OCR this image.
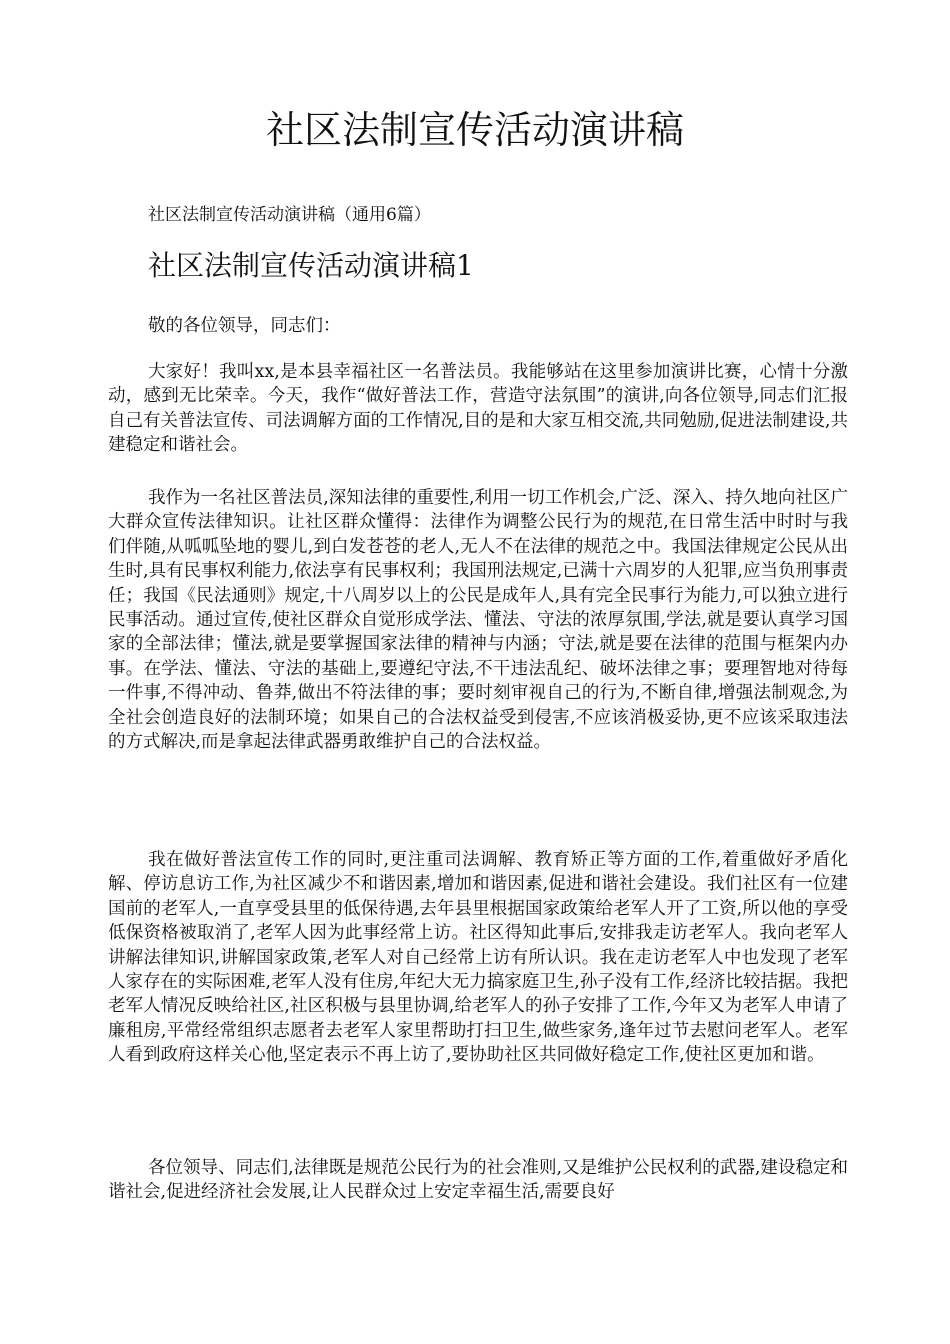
社区法制宣传活动演讲稿

社区法制宣传活动演讲稿（通用6篇）

社区法制宣传活动演讲稿1

敬的各位领导，同志们：

大家好！我叫xx,是本县幸福社区一名普法员。我能够站在这里参加演讲比赛，心情十分激动，感到无比荣幸。今天，我作“做好普法工作，营造守法氛围”的演讲,向各位领导,同志们汇报自己有关普法宣传、司法调解方面的工作情况,目的是和大家互相交流,共同勉励,促进法制建设,共建稳定和谐社会。

我作为一名社区普法员,深知法律的重要性,利用一切工作机会,广泛、深入、持久地向社区广大群众宣传法律知识。让社区群众懂得：法律作为调整公民行为的规范,在日常生活中时时与我们伴随,从呱呱坠地的婴儿,到白发苍苍的老人,无人不在法律的规范之中。我国法律规定公民从出生时,具有民事权利能力,依法享有民事权利；我国刑法规定,已满十六周岁的人犯罪,应当负刑事责任；我国《民法通则》规定,十八周岁以上的公民是成年人,具有完全民事行为能力,可以独立进行民事活动。通过宣传,使社区群众自觉形成学法、懂法、守法的浓厚氛围,学法,就是要认真学习国家的全部法律；懂法,就是要掌握国家法律的精神与内涵；守法,就是要在法律的范围与框架内办事。在学法、懂法、守法的基础上,要遵纪守法,不干违法乱纪、破坏法律之事；要理智地对待每一件事,不得冲动、鲁莽,做出不符法律的事；要时刻审视自己的行为,不断自律,增强法制观念,为全社会创造良好的法制环境；如果自己的合法权益受到侵害,不应该消极妥协,更不应该采取违法的方式解决,而是拿起法律武器勇敢维护自己的合法权益。

我在做好普法宣传工作的同时,更注重司法调解、教育矫正等方面的工作,着重做好矛盾化解、停访息访工作,为社区减少不和谐因素,增加和谐因素,促进和谐社会建设。我们社区有一位建国前的老军人,一直享受县里的低保待遇,去年县里根据国家政策给老军人开了工资,所以他的享受低保资格被取消了,老军人因为此事经常上访。社区得知此事后,安排我走访老军人。我向老军人讲解法律知识,讲解国家政策,老军人对自己经常上访有所认识。我在走访老军人中也发现了老军人家存在的实际困难,老军人没有住房,年纪大无力搞家庭卫生,孙子没有工作,经济比较拮据。我把老军人情况反映给社区,社区积极与县里协调,给老军人的孙子安排了工作,今年又为老军人申请了廉租房,平常经常组织志愿者去老军人家里帮助打扫卫生,做些家务,逢年过节去慰问老军人。老军人看到政府这样关心他,坚定表示不再上访了,要协助社区共同做好稳定工作,使社区更加和谐。

各位领导、同志们,法律既是规范公民行为的社会准则,又是维护公民权利的武器,建设稳定和谐社会,促进经济社会发展,让人民群众过上安定幸福生活,需要良好
